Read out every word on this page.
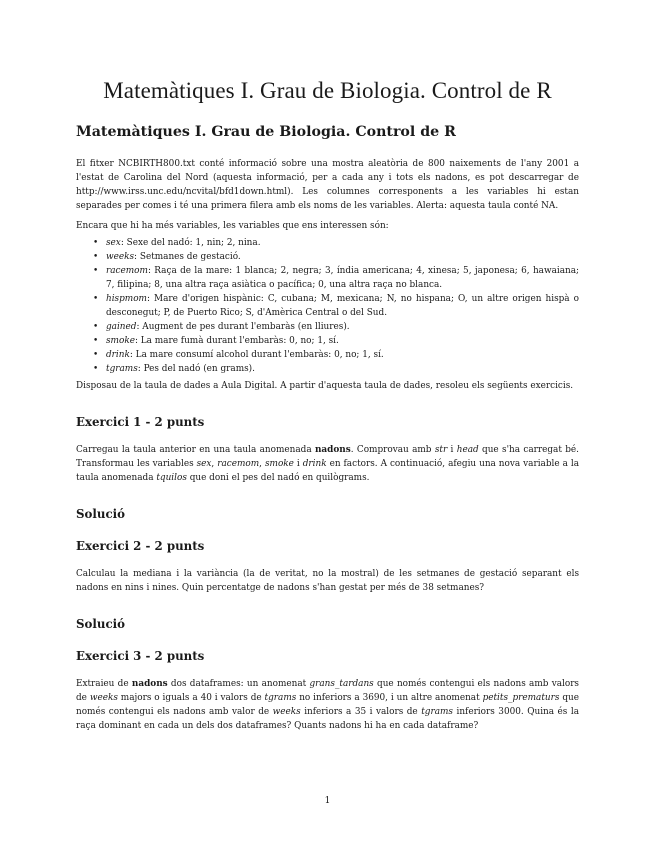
Matemàtiques I. Grau de Biologia. Control de R
Matemàtiques I. Grau de Biologia. Control de R

El fitxer NCBIRTH800.txt conté informació sobre una mostra aleatòria de 800 naixements de l'any 2001 a l'estat de Carolina del Nord (aquesta informació, per a cada any i tots els nadons, es pot descarregar de http://www.irss.unc.edu/ncvital/bfd1down.html). Les columnes corresponents a les variables hi estan separades per comes i té una primera filera amb els noms de les variables. Alerta: aquesta taula conté NA.

Encara que hi ha més variables, les variables que ens interessen són:

• sex: Sexe del nadó: 1, nin; 2, nina.
• weeks: Setmanes de gestació.
• racemom: Raça de la mare: 1 blanca; 2, negra; 3, índia americana; 4, xinesa; 5, japonesa; 6, hawaiana; 7, filipina; 8, una altra raça asiàtica o pacífica; 0, una altra raça no blanca.
• hispmom: Mare d'origen hispànic: C, cubana; M, mexicana; N, no hispana; O, un altre origen hispà o desconegut; P, de Puerto Rico; S, d'Amèrica Central o del Sud.
• gained: Augment de pes durant l'embaràs (en lliures).
• smoke: La mare fumà durant l'embaràs: 0, no; 1, sí.
• drink: La mare consumí alcohol durant l'embaràs: 0, no; 1, sí.
• tgrams: Pes del nadó (en grams).

Disposau de la taula de dades a Aula Digital. A partir d'aquesta taula de dades, resoleu els següents exercicis.

Exercici 1 - 2 punts

Carregau la taula anterior en una taula anomenada nadons. Comprovau amb str i head que s'ha carregat bé. Transformau les variables sex, racemom, smoke i drink en factors. A continuació, afegiu una nova variable a la taula anomenada tquilos que doni el pes del nadó en quilògrams.

Solució
Exercici 2 - 2 punts

Calculau la mediana i la variància (la de veritat, no la mostral) de les setmanes de gestació separant els nadons en nins i nines. Quin percentatge de nadons s'han gestat per més de 38 setmanes?

Solució
Exercici 3 - 2 punts

Extraieu de nadons dos dataframes: un anomenat grans_tardans que només contengui els nadons amb valors de weeks majors o iguals a 40 i valors de tgrams no inferiors a 3690, i un altre anomenat petits_prematurs que només contengui els nadons amb valor de weeks inferiors a 35 i valors de tgrams inferiors 3000. Quina és la raça dominant en cada un dels dos dataframes? Quants nadons hi ha en cada dataframe?

1
